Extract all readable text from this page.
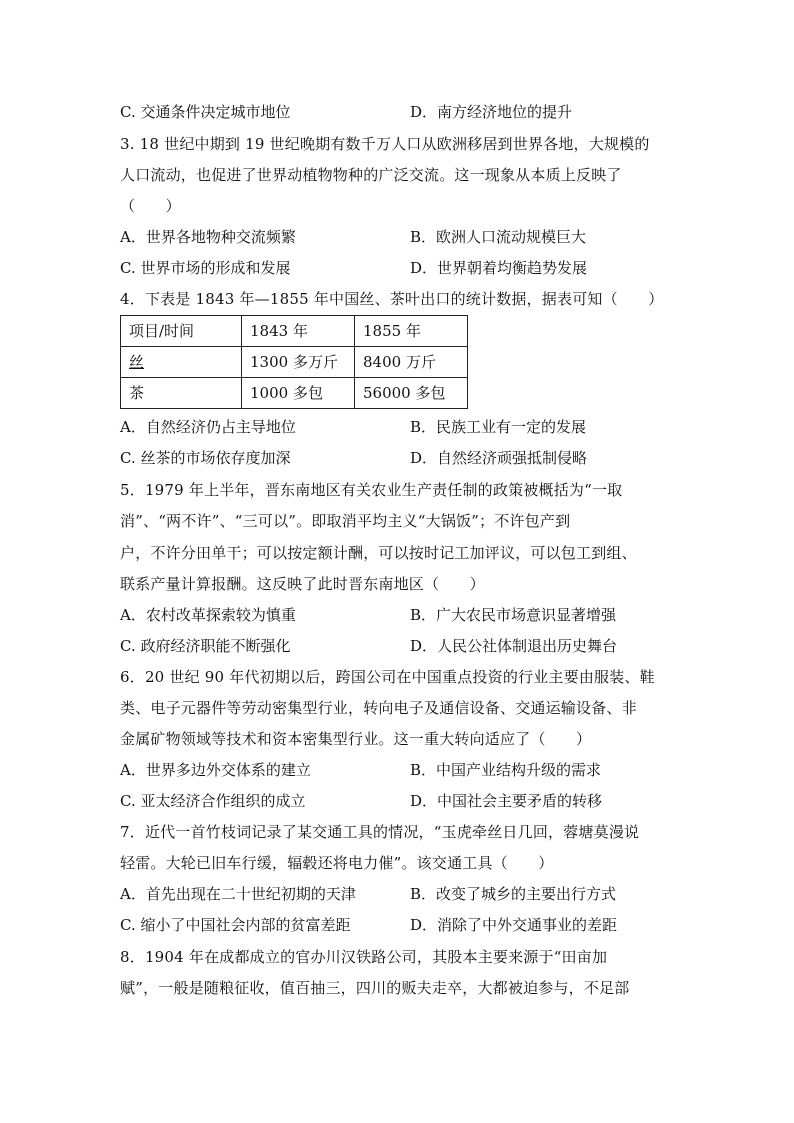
C. 交通条件决定城市地位	D．南方经济地位的提升
3. 18 世纪中期到 19 世纪晚期有数千万人口从欧洲移居到世界各地，大规模的
人口流动，也促进了世界动植物物种的广泛交流。这一现象从本质上反映了
（　　）
A．世界各地物种交流频繁	B．欧洲人口流动规模巨大
C. 世界市场的形成和发展	D．世界朝着均衡趋势发展
4．下表是 1843 年—1855 年中国丝、茶叶出口的统计数据，据表可知（　　）
项目/时间	1843 年	1855 年
丝	1300 多万斤	8400 万斤
茶	1000 多包	56000 多包
A．自然经济仍占主导地位	B．民族工业有一定的发展
C. 丝茶的市场依存度加深	D．自然经济顽强抵制侵略
5．1979 年上半年，晋东南地区有关农业生产责任制的政策被概括为“一取
消”、“两不许”、“三可以”。即取消平均主义“大锅饭”；不许包产到
户，不许分田单干；可以按定额计酬，可以按时记工加评议，可以包工到组、
联系产量计算报酬。这反映了此时晋东南地区（　　）
A．农村改革探索较为慎重	B．广大农民市场意识显著增强
C. 政府经济职能不断强化	D．人民公社体制退出历史舞台
6．20 世纪 90 年代初期以后，跨国公司在中国重点投资的行业主要由服装、鞋
类、电子元器件等劳动密集型行业，转向电子及通信设备、交通运输设备、非
金属矿物领域等技术和资本密集型行业。这一重大转向适应了（　　）
A．世界多边外交体系的建立	B．中国产业结构升级的需求
C. 亚太经济合作组织的成立	D．中国社会主要矛盾的转移
7．近代一首竹枝词记录了某交通工具的情况，“玉虎牵丝日几回，蓉塘莫漫说
轻雷。大轮已旧车行缓，辐毂还将电力催”。该交通工具（　　）
A．首先出现在二十世纪初期的天津	B．改变了城乡的主要出行方式
C. 缩小了中国社会内部的贫富差距	D．消除了中外交通事业的差距
8．1904 年在成都成立的官办川汉铁路公司，其股本主要来源于“田亩加
赋”，一般是随粮征收，值百抽三，四川的贩夫走卒，大都被迫参与，不足部
